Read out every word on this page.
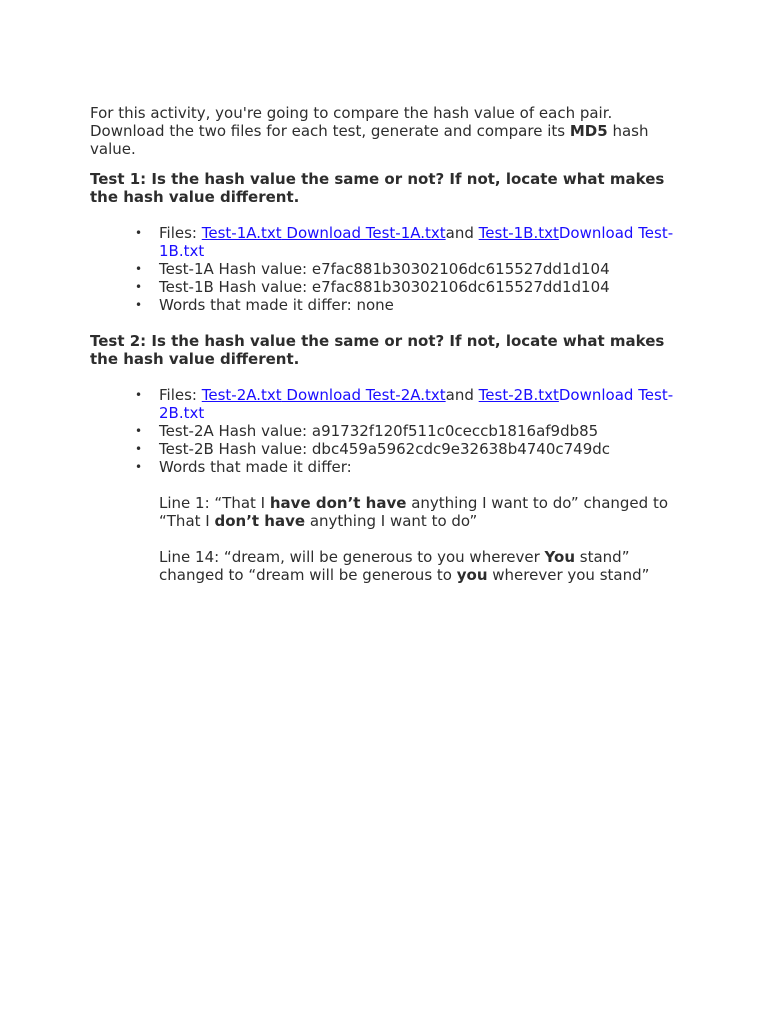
For this activity, you're going to compare the hash value of each pair. Download the two files for each test, generate and compare its MD5 hash value.

Test 1: Is the hash value the same or not? If not, locate what makes the hash value different.

• Files: Test-1A.txt Download Test-1A.txtand Test-1B.txtDownload Test-1B.txt
• Test-1A Hash value: e7fac881b30302106dc615527dd1d104
• Test-1B Hash value: e7fac881b30302106dc615527dd1d104
• Words that made it differ: none

Test 2: Is the hash value the same or not? If not, locate what makes the hash value different.

• Files: Test-2A.txt Download Test-2A.txtand Test-2B.txtDownload Test-2B.txt
• Test-2A Hash value: a91732f120f511c0ceccb1816af9db85
• Test-2B Hash value: dbc459a5962cdc9e32638b4740c749dc
• Words that made it differ:

Line 1: “That I have don’t have anything I want to do” changed to “That I don’t have anything I want to do”

Line 14: “dream, will be generous to you wherever You stand” changed to “dream will be generous to you wherever you stand”
